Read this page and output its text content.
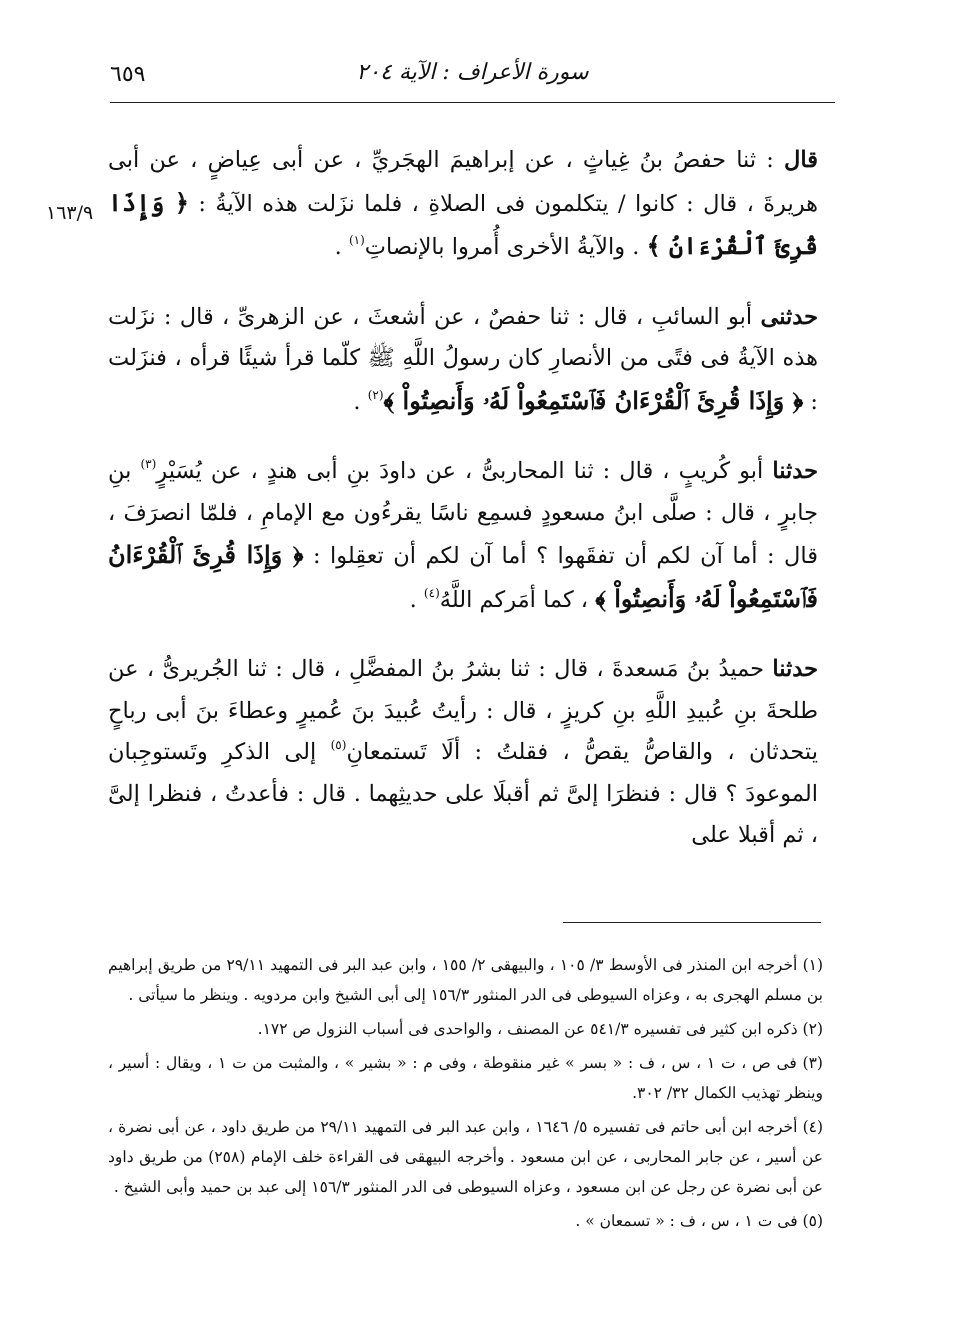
سورة الأعراف : الآية ٢٠٤
٦٥٩
١٦٣/٩

قال : ثنا حفصُ بنُ غِياثٍ ، عن إبراهيمَ الهجَريِّ ، عن أبى عِياضٍ ، عن أبى هريرةَ ، قال : كانوا / يتكلمون فى الصلاةِ ، فلما نزَلت هذه الآيةُ : ﴿ وَإِذَا قُرِئَ ٱلْقُرْءَانُ ﴾ . والآيةُ الأخرى أُمروا بالإنصاتِ$^{(١)}$ .

حدثنى أبو السائبِ ، قال : ثنا حفصٌ ، عن أشعثَ ، عن الزهرىِّ ، قال : نزَلت هذه الآيةُ فى فتًى من الأنصارِ كان رسولُ اللَّهِ ﷺ كلّما قرأ شيئًا قرأه ، فنزَلت : ﴿ وَإِذَا قُرِئَ ٱلْقُرْءَانُ فَٱسْتَمِعُواْ لَهُۥ وَأَنصِتُواْ ﴾$^{(٢)}$ .

حدثنا أبو كُريبٍ ، قال : ثنا المحاربىُّ ، عن داودَ بنِ أبى هندٍ ، عن يُسَيْرٍ$^{(٣)}$ بنِ جابرٍ ، قال : صلَّى ابنُ مسعودٍ فسمِع ناسًا يقرءُون مع الإمامِ ، فلمّا انصرَفَ ، قال : أما آن لكم أن تفقَهوا ؟ أما آن لكم أن تعقِلوا : ﴿ وَإِذَا قُرِئَ ٱلْقُرْءَانُ فَٱسْتَمِعُواْ لَهُۥ وَأَنصِتُواْ ﴾ ، كما أمَركم اللَّهُ$^{(٤)}$ .

حدثنا حميدُ بنُ مَسعدةَ ، قال : ثنا بشرُ بنُ المفضَّلِ ، قال : ثنا الجُريرىُّ ، عن طلحةَ بنِ عُبيدِ اللَّهِ بنِ كريزٍ ، قال : رأيتُ عُبيدَ بنَ عُميرٍ وعطاءَ بنَ أبى رباحٍ يتحدثان ، والقاصُّ يقصُّ ، فقلتُ : ألَا تَستمعانِ$^{(٥)}$ إلى الذكرِ وتَستوجِبان الموعودَ ؟ قال : فنظرَا إلىَّ ثم أقبلَا على حديثِهما . قال : فأعدتُ ، فنظرا إلىَّ ، ثم أقبلا على

(١) أخرجه ابن المنذر فى الأوسط ٣/ ١٠٥ ، والبيهقى ٢/ ١٥٥ ، وابن عبد البر فى التمهيد ٢٩/١١ من طريق إبراهيم بن مسلم الهجرى به ، وعزاه السيوطى فى الدر المنثور ١٥٦/٣ إلى أبى الشيخ وابن مردويه . وينظر ما سيأتى .

(٢) ذكره ابن كثير فى تفسيره ٥٤١/٣ عن المصنف ، والواحدى فى أسباب النزول ص ١٧٢.

(٣) فى ص ، ت ١ ، س ، ف : « بسر » غير منقوطة ، وفى م : « بشير » ، والمثبت من ت ١ ، ويقال : أسير ، وينظر تهذيب الكمال ٣٢/ ٣٠٢.

(٤) أخرجه ابن أبى حاتم فى تفسيره ٥/ ١٦٤٦ ، وابن عبد البر فى التمهيد ٢٩/١١ من طريق داود ، عن أبى نضرة ، عن أسير ، عن جابر المحاربى ، عن ابن مسعود . وأخرجه البيهقى فى القراءة خلف الإمام (٢٥٨) من طريق داود عن أبى نضرة عن رجل عن ابن مسعود ، وعزاه السيوطى فى الدر المنثور ١٥٦/٣ إلى عبد بن حميد وأبى الشيخ .

(٥) فى ت ١ ، س ، ف : « تسمعان » .
